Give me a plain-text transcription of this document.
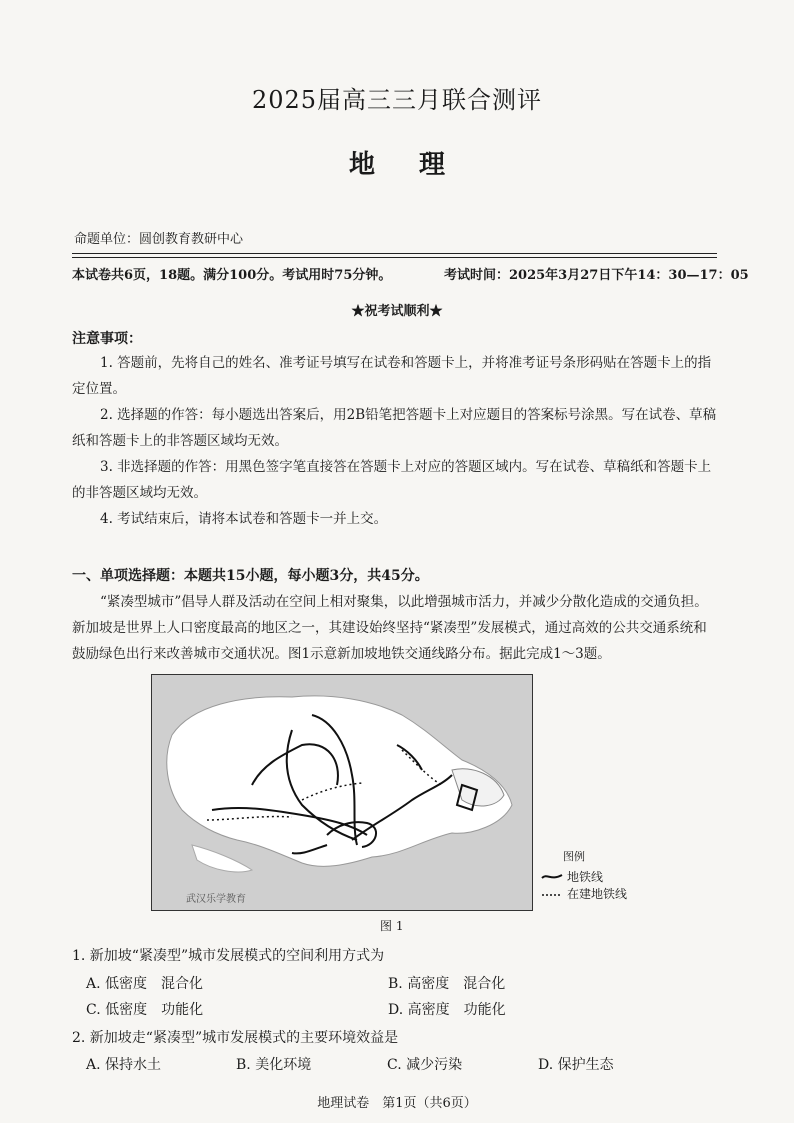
2025届高三三月联合测评
地理
命题单位：圆创教育教研中心
本试卷共6页，18题。满分100分。考试用时75分钟。	考试时间：2025年3月27日下午14：30—17：05
★祝考试顺利★
注意事项：
1. 答题前，先将自己的姓名、准考证号填写在试卷和答题卡上，并将准考证号条形码贴在答题卡上的指定位置。
2. 选择题的作答：每小题选出答案后，用2B铅笔把答题卡上对应题目的答案标号涂黑。写在试卷、草稿纸和答题卡上的非答题区域均无效。
3. 非选择题的作答：用黑色签字笔直接答在答题卡上对应的答题区域内。写在试卷、草稿纸和答题卡上的非答题区域均无效。
4. 考试结束后，请将本试卷和答题卡一并上交。
一、单项选择题：本题共15小题，每小题3分，共45分。
“紧凑型城市”倡导人群及活动在空间上相对聚集，以此增强城市活力，并减少分散化造成的交通负担。新加坡是世界上人口密度最高的地区之一，其建设始终坚持“紧凑型”发展模式，通过高效的公共交通系统和鼓励绿色出行来改善城市交通状况。图1示意新加坡地铁交通线路分布。据此完成1～3题。
武汉乐学教育
图例
地铁线
在建地铁线
图 1
1. 新加坡“紧凑型”城市发展模式的空间利用方式为
A. 低密度　混合化	B. 高密度　混合化
C. 低密度　功能化	D. 高密度　功能化
2. 新加坡走“紧凑型”城市发展模式的主要环境效益是
A. 保持水土	B. 美化环境	C. 减少污染	D. 保护生态
地理试卷　第1页（共6页）
